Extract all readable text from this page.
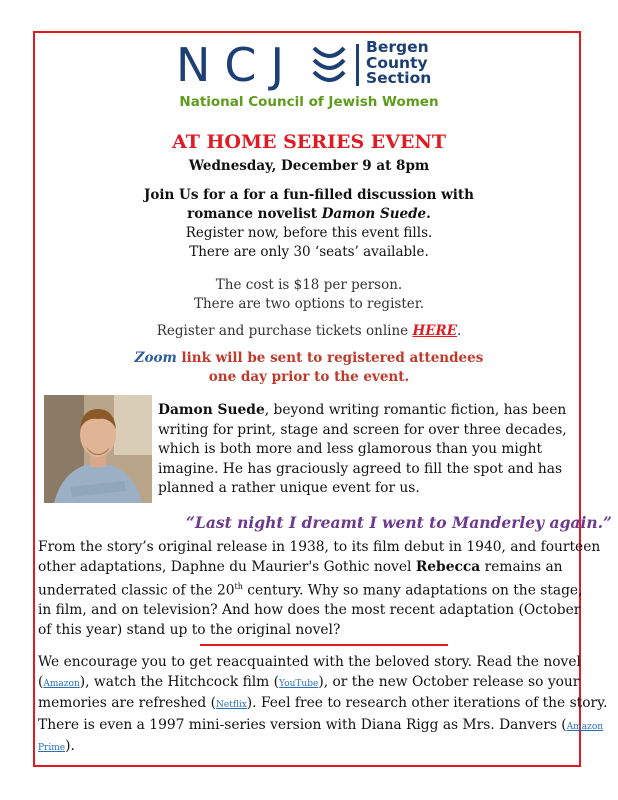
NCJ	Bergen
County
Section
National Council of Jewish Women
AT HOME SERIES EVENT
Wednesday, December 9 at 8pm
Join Us for a for a fun-filled discussion with
romance novelist Damon Suede.
Register now, before this event fills.
There are only 30 ‘seats’ available.
The cost is $18 per person.
There are two options to register.
Register and purchase tickets online HERE.
Zoom link will be sent to registered attendees
one day prior to the event.
Damon Suede, beyond writing romantic fiction, has been
writing for print, stage and screen for over three decades,
which is both more and less glamorous than you might
imagine. He has graciously agreed to fill the spot and has
planned a rather unique event for us.
“Last night I dreamt I went to Manderley again.”
From the story’s original release in 1938, to its film debut in 1940, and fourteen
other adaptations, Daphne du Maurier's Gothic novel Rebecca remains an
underrated classic of the 20th century. Why so many adaptations on the stage,
in film, and on television? And how does the most recent adaptation (October
of this year) stand up to the original novel?
We encourage you to get reacquainted with the beloved story. Read the novel
(Amazon), watch the Hitchcock film (YouTube), or the new October release so your
memories are refreshed (Netflix). Feel free to research other iterations of the story.
There is even a 1997 mini-series version with Diana Rigg as Mrs. Danvers (Amazon
Prime).
